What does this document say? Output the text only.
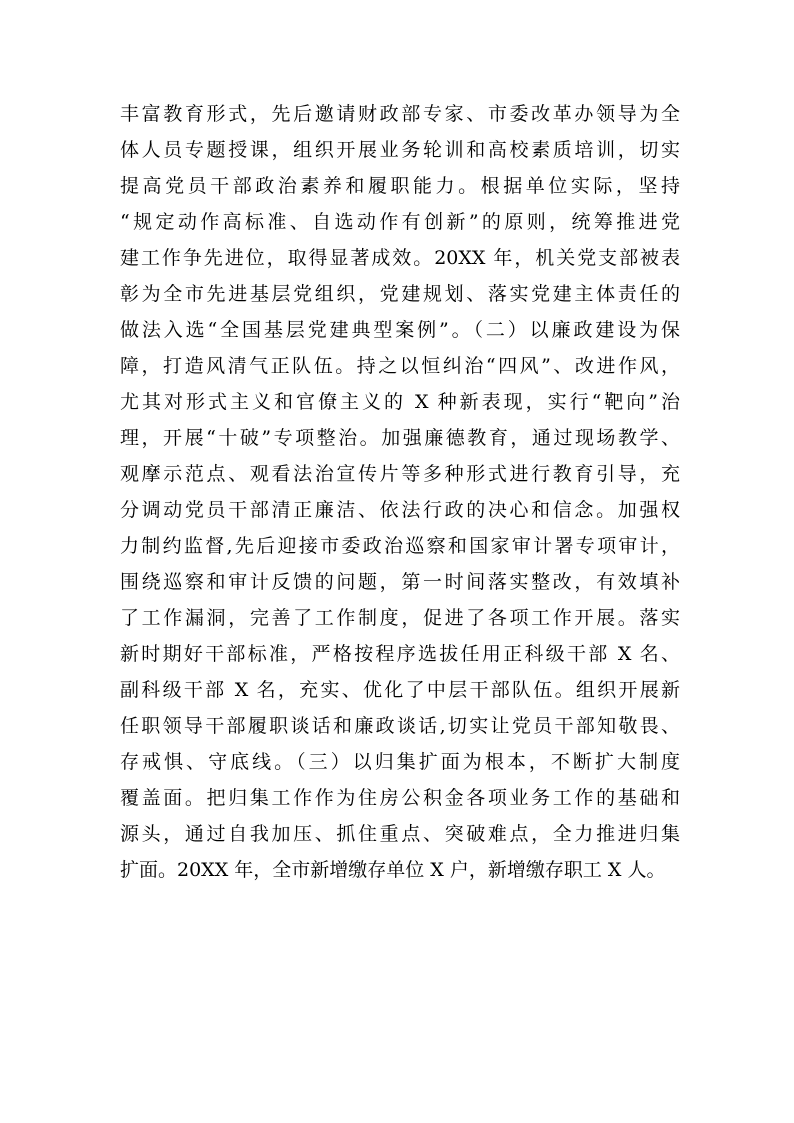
丰富教育形式，先后邀请财政部专家、市委改革办领导为全
体人员专题授课，组织开展业务轮训和高校素质培训，切实
提高党员干部政治素养和履职能力。根据单位实际，坚持
“规定动作高标准、自选动作有创新”的原则，统筹推进党
建工作争先进位，取得显著成效。20XX 年，机关党支部被表
彰为全市先进基层党组织，党建规划、落实党建主体责任的
做法入选“全国基层党建典型案例”。（二）以廉政建设为保
障，打造风清气正队伍。持之以恒纠治“四风”、改进作风，
尤其对形式主义和官僚主义的 X 种新表现，实行“靶向”治
理，开展“十破”专项整治。加强廉德教育，通过现场教学、
观摩示范点、观看法治宣传片等多种形式进行教育引导，充
分调动党员干部清正廉洁、依法行政的决心和信念。加强权
力制约监督,先后迎接市委政治巡察和国家审计署专项审计，
围绕巡察和审计反馈的问题，第一时间落实整改，有效填补
了工作漏洞，完善了工作制度，促进了各项工作开展。落实
新时期好干部标准，严格按程序选拔任用正科级干部 X 名、
副科级干部 X 名，充实、优化了中层干部队伍。组织开展新
任职领导干部履职谈话和廉政谈话,切实让党员干部知敬畏、
存戒惧、守底线。（三）以归集扩面为根本，不断扩大制度
覆盖面。把归集工作作为住房公积金各项业务工作的基础和
源头，通过自我加压、抓住重点、突破难点，全力推进归集
扩面。20XX 年，全市新增缴存单位 X 户，新增缴存职工 X 人。
